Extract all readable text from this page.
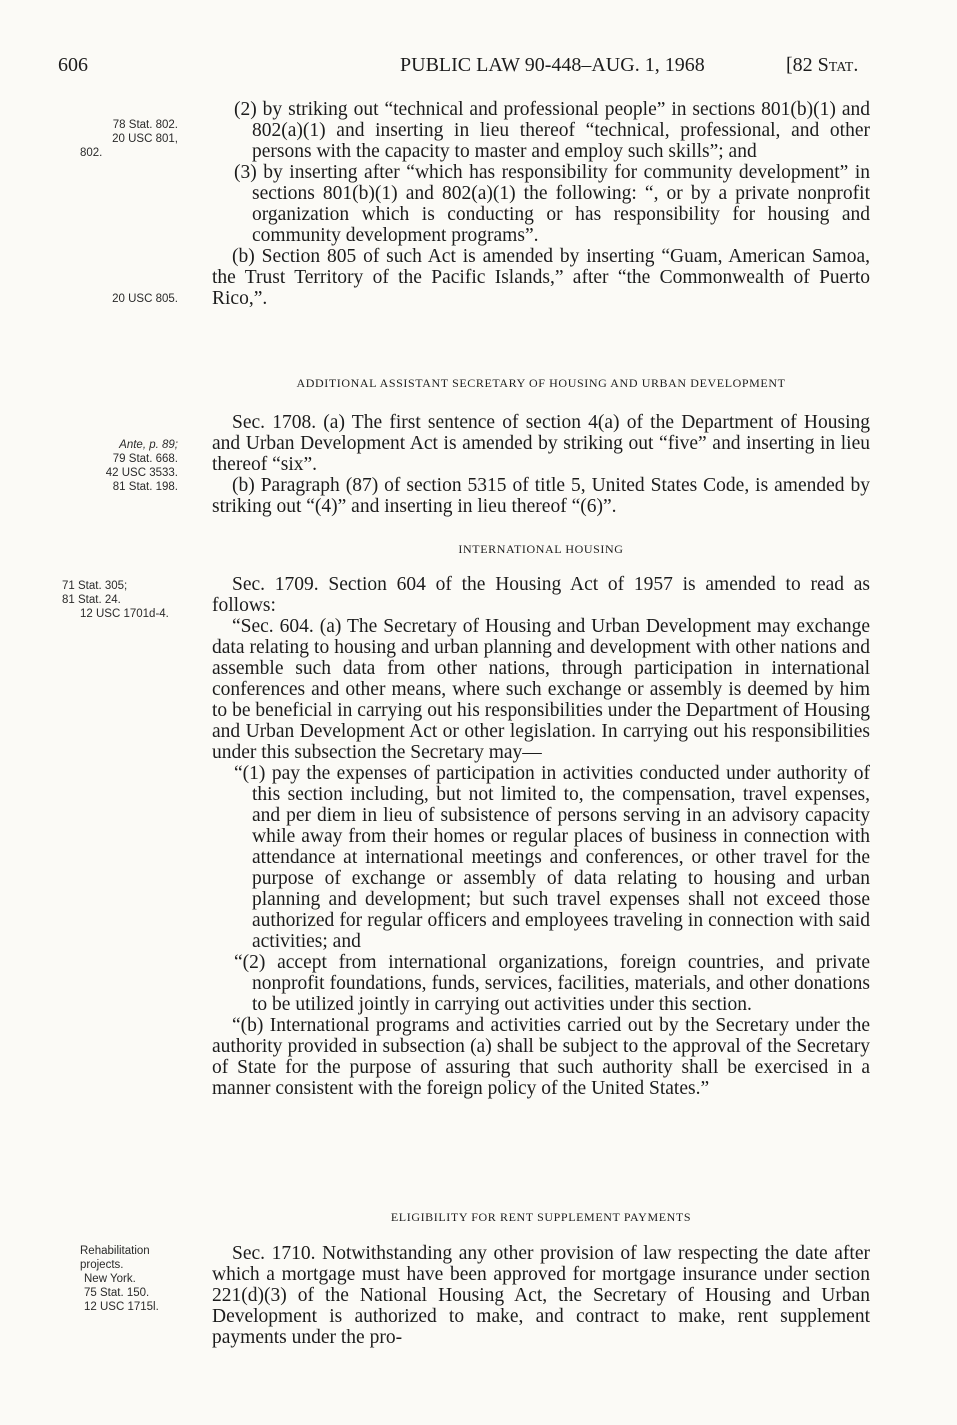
606	PUBLIC LAW 90-448–AUG. 1, 1968	[82 Stat.
78 Stat. 802.
20 USC 801,
802.
20 USC 805.
Ante, p. 89;
79 Stat. 668.
42 USC 3533.
81 Stat. 198.
71 Stat. 305;
81 Stat. 24.
12 USC 1701d-4.
Rehabilitation
projects.
New York.
75 Stat. 150.
12 USC 1715l.

(2) by striking out “technical and professional people” in sections 801(b)(1) and 802(a)(1) and inserting in lieu thereof “technical, professional, and other persons with the capacity to master and employ such skills”; and

(3) by inserting after “which has responsibility for community development” in sections 801(b)(1) and 802(a)(1) the following: “, or by a private nonprofit organization which is conducting or has responsibility for housing and community development programs”.

(b) Section 805 of such Act is amended by inserting “Guam, American Samoa, the Trust Territory of the Pacific Islands,” after “the Commonwealth of Puerto Rico,”.

ADDITIONAL ASSISTANT SECRETARY OF HOUSING AND URBAN DEVELOPMENT

Sec. 1708. (a) The first sentence of section 4(a) of the Department of Housing and Urban Development Act is amended by striking out “five” and inserting in lieu thereof “six”.

(b) Paragraph (87) of section 5315 of title 5, United States Code, is amended by striking out “(4)” and inserting in lieu thereof “(6)”.

INTERNATIONAL HOUSING

Sec. 1709. Section 604 of the Housing Act of 1957 is amended to read as follows:

“Sec. 604. (a) The Secretary of Housing and Urban Development may exchange data relating to housing and urban planning and development with other nations and assemble such data from other nations, through participation in international conferences and other means, where such exchange or assembly is deemed by him to be beneficial in carrying out his responsibilities under the Department of Housing and Urban Development Act or other legislation. In carrying out his responsibilities under this subsection the Secretary may—

“(1) pay the expenses of participation in activities conducted under authority of this section including, but not limited to, the compensation, travel expenses, and per diem in lieu of subsistence of persons serving in an advisory capacity while away from their homes or regular places of business in connection with attendance at international meetings and conferences, or other travel for the purpose of exchange or assembly of data relating to housing and urban planning and development; but such travel expenses shall not exceed those authorized for regular officers and employees traveling in connection with said activities; and

“(2) accept from international organizations, foreign countries, and private nonprofit foundations, funds, services, facilities, materials, and other donations to be utilized jointly in carrying out activities under this section.

“(b) International programs and activities carried out by the Secretary under the authority provided in subsection (a) shall be subject to the approval of the Secretary of State for the purpose of assuring that such authority shall be exercised in a manner consistent with the foreign policy of the United States.”

ELIGIBILITY FOR RENT SUPPLEMENT PAYMENTS

Sec. 1710. Notwithstanding any other provision of law respecting the date after which a mortgage must have been approved for mortgage insurance under section 221(d)(3) of the National Housing Act, the Secretary of Housing and Urban Development is authorized to make, and contract to make, rent supplement payments under the pro-
